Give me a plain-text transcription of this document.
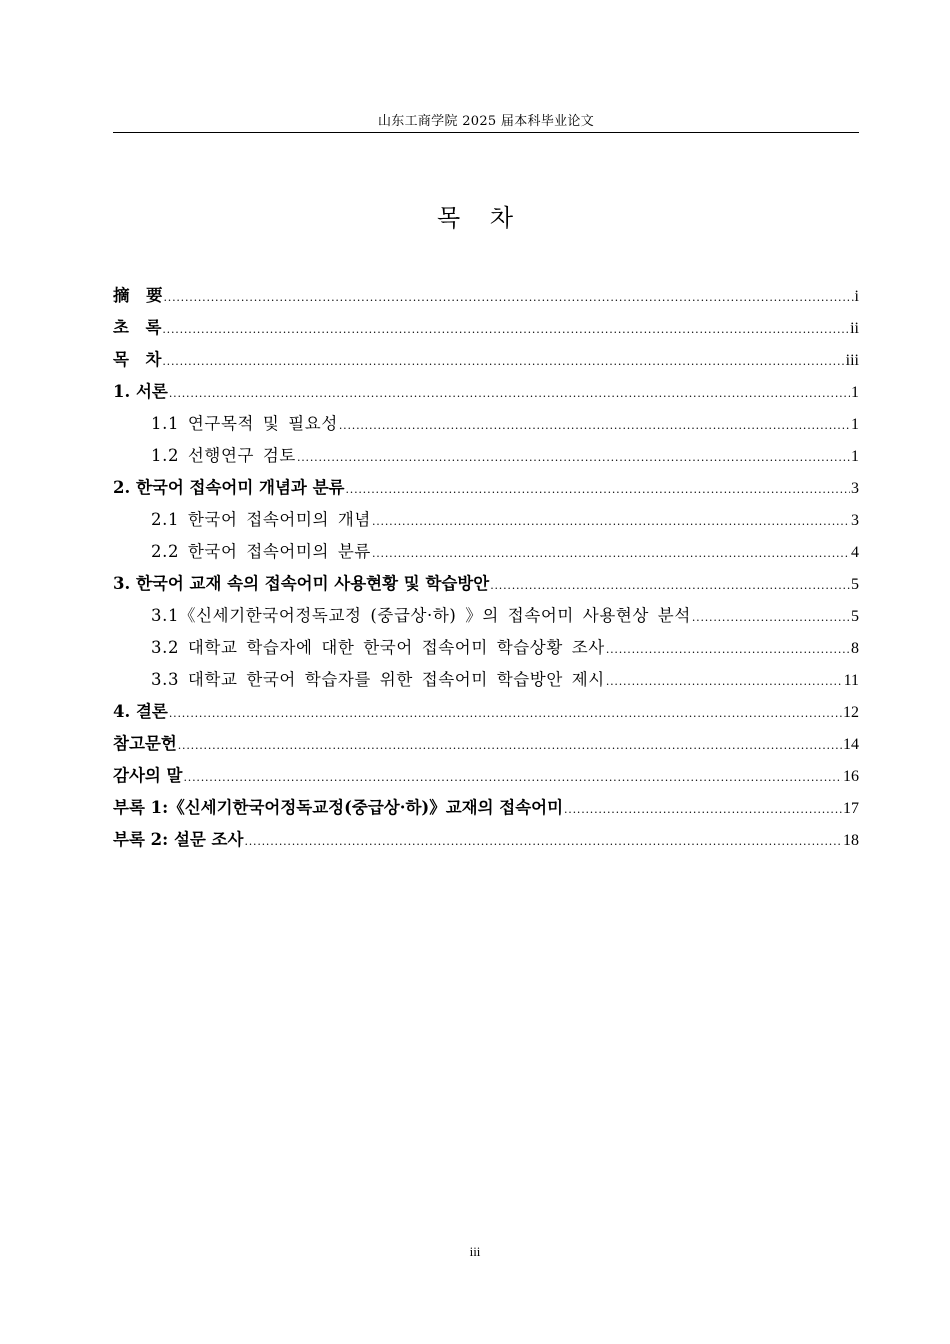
山东工商学院 2025 届本科毕业论文
목 차
摘　要 .....	i
초　록 .....	ii
목　차 .....	iii
1. 서론 .....	1
1.1 연구목적 및 필요성 .....	1
1.2 선행연구 검토 .....	1
2. 한국어 접속어미 개념과 분류 .....	3
2.1 한국어 접속어미의 개념 .....	3
2.2 한국어 접속어미의 분류 .....	4
3. 한국어 교재 속의 접속어미 사용현황 및 학습방안 .....	5
3.1《신세기한국어정독교정 (중급상·하) 》의 접속어미 사용현상 분석 .....	5
3.2 대학교 학습자에 대한 한국어 접속어미 학습상황 조사 .....	8
3.3 대학교 한국어 학습자를 위한 접속어미 학습방안 제시 .....	11
4. 결론 .....	12
참고문헌 .....	14
감사의 말 .....	16
부록 1:《신세기한국어정독교정(중급상·하)》교재의 접속어미 .....	17
부록 2: 설문 조사 .....	18
iii
